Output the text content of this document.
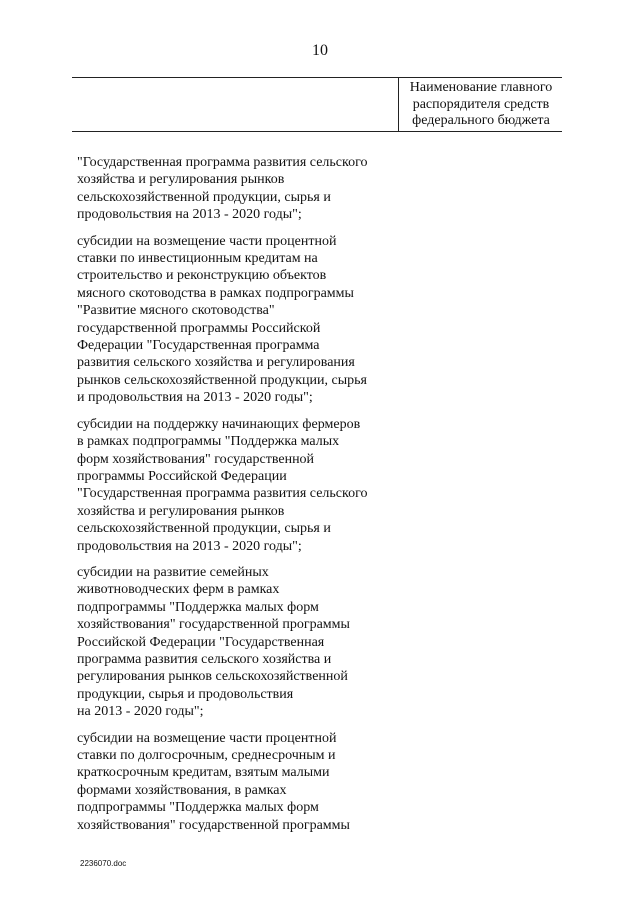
10
Наименование главного
распорядителя средств
федерального бюджета

"Государственная программа развития сельского
хозяйства и регулирования рынков
сельскохозяйственной продукции, сырья и
продовольствия на 2013 - 2020 годы";

субсидии на возмещение части процентной
ставки по инвестиционным кредитам на
строительство и реконструкцию объектов
мясного скотоводства в рамках подпрограммы
"Развитие мясного скотоводства"
государственной программы Российской
Федерации "Государственная программа
развития сельского хозяйства и регулирования
рынков сельскохозяйственной продукции, сырья
и продовольствия на 2013 - 2020 годы";

субсидии на поддержку начинающих фермеров
в рамках подпрограммы "Поддержка малых
форм хозяйствования" государственной
программы Российской Федерации
"Государственная программа развития сельского
хозяйства и регулирования рынков
сельскохозяйственной продукции, сырья и
продовольствия на 2013 - 2020 годы";

субсидии на развитие семейных
животноводческих ферм в рамках
подпрограммы "Поддержка малых форм
хозяйствования" государственной программы
Российской Федерации "Государственная
программа развития сельского хозяйства и
регулирования рынков сельскохозяйственной
продукции, сырья и продовольствия
на 2013 - 2020 годы";

субсидии на возмещение части процентной
ставки по долгосрочным, среднесрочным и
краткосрочным кредитам, взятым малыми
формами хозяйствования, в рамках
подпрограммы "Поддержка малых форм
хозяйствования" государственной программы

2236070.doc
